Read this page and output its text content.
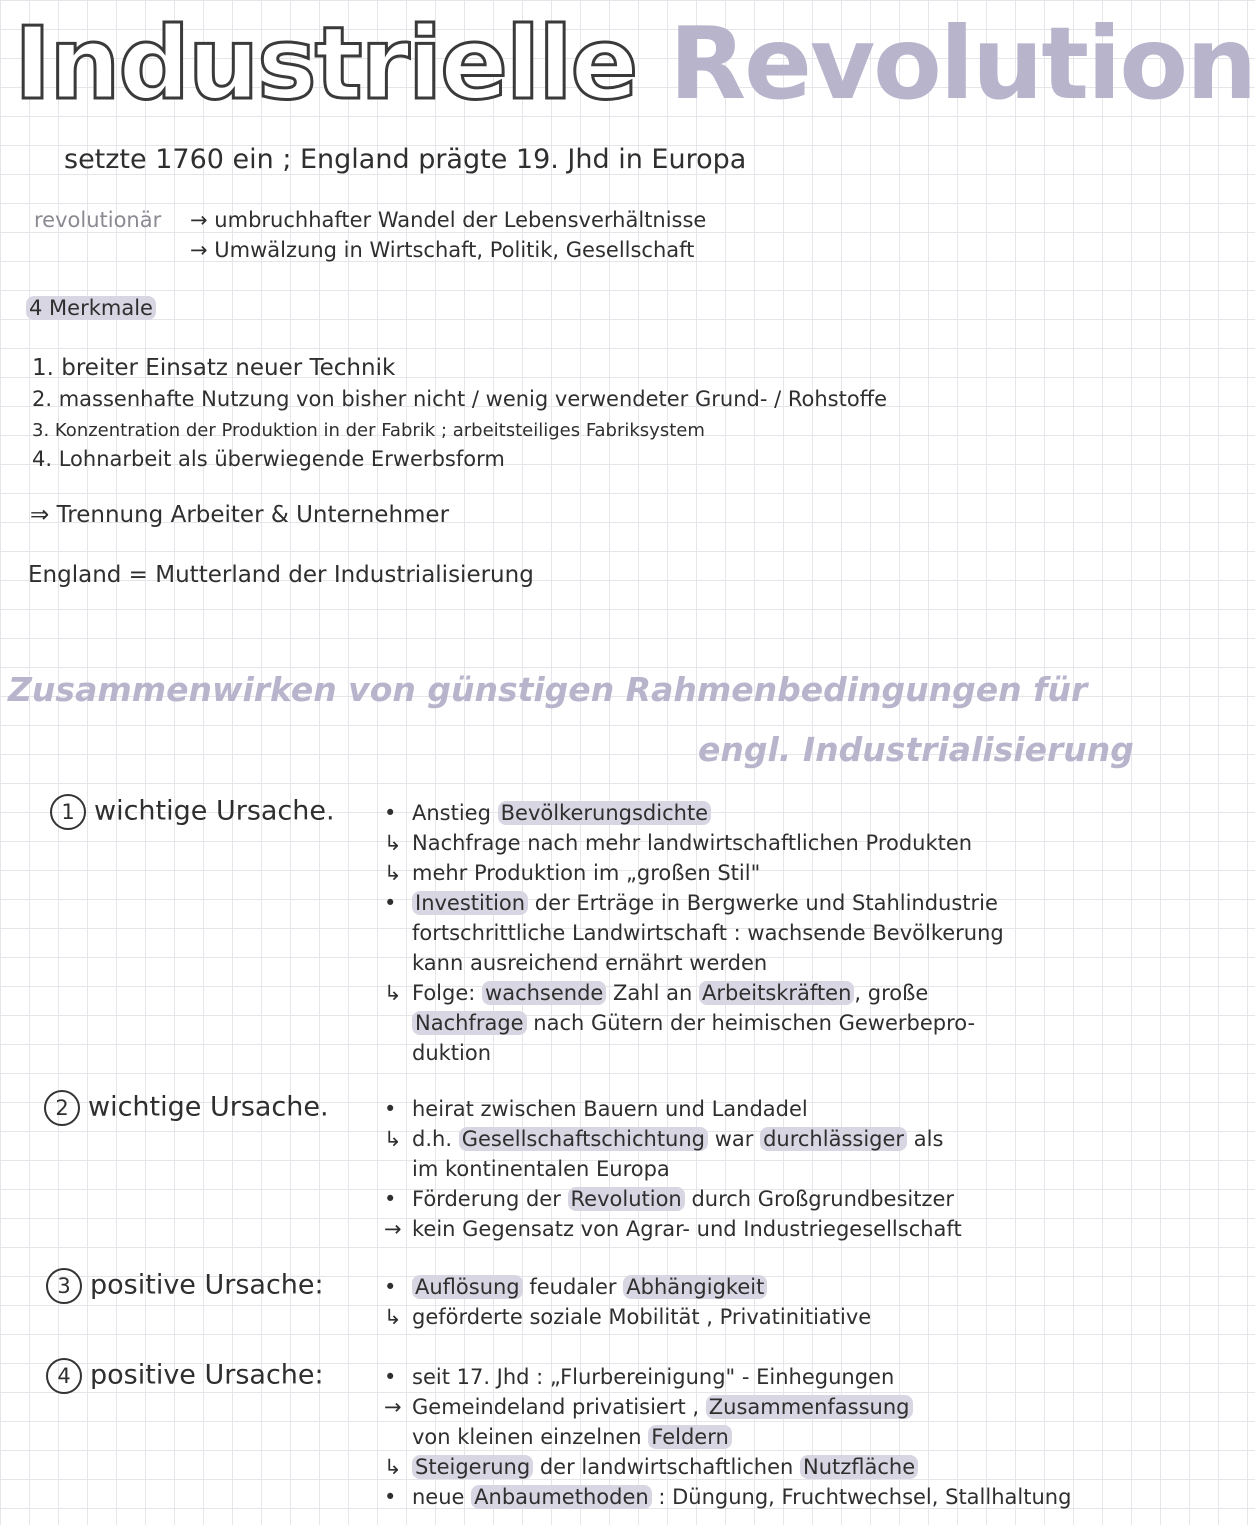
Industrielle Revolution
setzte 1760 ein ; England prägte 19. Jhd in Europa
revolutionär → umbruchhafter Wandel der Lebensverhältnisse
→ Umwälzung in Wirtschaft, Politik, Gesellschaft
4 Merkmale
1. breiter Einsatz neuer Technik
2. massenhafte Nutzung von bisher nicht / wenig verwendeter Grund- / Rohstoffe
3. Konzentration der Produktion in der Fabrik ; arbeitsteiliges Fabriksystem
4. Lohnarbeit als überwiegende Erwerbsform
⇒ Trennung Arbeiter & Unternehmer
England = Mutterland der Industrialisierung
Zusammenwirken von günstigen Rahmenbedingungen für
engl. Industrialisierung
1 wichtige Ursache.
2 wichtige Ursache.
3 positive Ursache:
4 positive Ursache:
• Anstieg Bevölkerungsdichte
↳ Nachfrage nach mehr landwirtschaftlichen Produkten
↳ mehr Produktion im „großen Stil"
• Investition der Erträge in Bergwerke und Stahlindustrie
fortschrittliche Landwirtschaft : wachsende Bevölkerung
kann ausreichend ernährt werden
↳ Folge: wachsende Zahl an Arbeitskräften , große
Nachfrage nach Gütern der heimischen Gewerbepro-
duktion
• heirat zwischen Bauern und Landadel
↳ d.h. Gesellschaftschichtung war durchlässiger als
im kontinentalen Europa
• Förderung der Revolution durch Großgrundbesitzer
→ kein Gegensatz von Agrar- und Industriegesellschaft
• Auflösung feudaler Abhängigkeit
↳ geförderte soziale Mobilität , Privatinitiative
• seit 17. Jhd : „Flurbereinigung" - Einhegungen
→ Gemeindeland privatisiert , Zusammenfassung
von kleinen einzelnen Feldern
↳ Steigerung der landwirtschaftlichen Nutzfläche
• neue Anbaumethoden : Düngung, Fruchtwechsel, Stallhaltung
